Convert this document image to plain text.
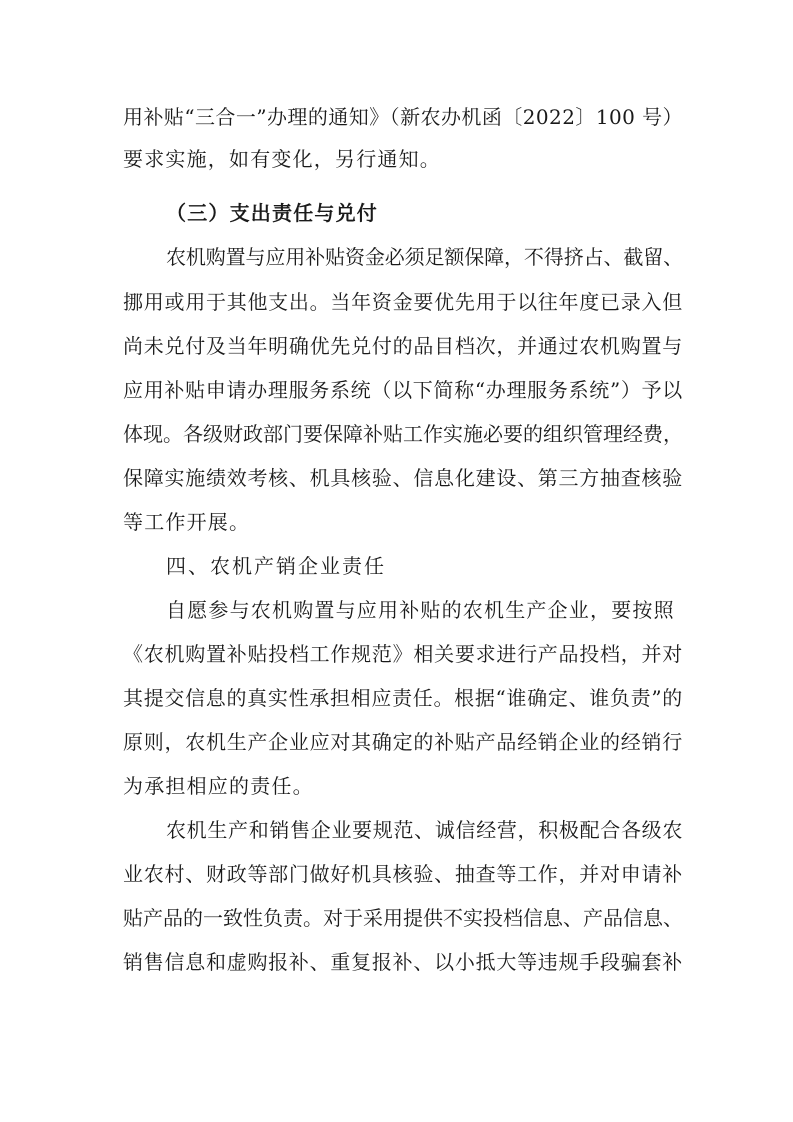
用补贴“三合一”办理的通知》（新农办机函〔2022〕100 号）
要求实施，如有变化，另行通知。
（三）支出责任与兑付
农机购置与应用补贴资金必须足额保障，不得挤占、截留、
挪用或用于其他支出。当年资金要优先用于以往年度已录入但
尚未兑付及当年明确优先兑付的品目档次，并通过农机购置与
应用补贴申请办理服务系统（以下简称“办理服务系统”）予以
体现。各级财政部门要保障补贴工作实施必要的组织管理经费，
保障实施绩效考核、机具核验、信息化建设、第三方抽查核验
等工作开展。
四、农机产销企业责任
自愿参与农机购置与应用补贴的农机生产企业，要按照
《农机购置补贴投档工作规范》相关要求进行产品投档，并对
其提交信息的真实性承担相应责任。根据“谁确定、谁负责”的
原则，农机生产企业应对其确定的补贴产品经销企业的经销行
为承担相应的责任。
农机生产和销售企业要规范、诚信经营，积极配合各级农
业农村、财政等部门做好机具核验、抽查等工作，并对申请补
贴产品的一致性负责。对于采用提供不实投档信息、产品信息、
销售信息和虚购报补、重复报补、以小抵大等违规手段骗套补
